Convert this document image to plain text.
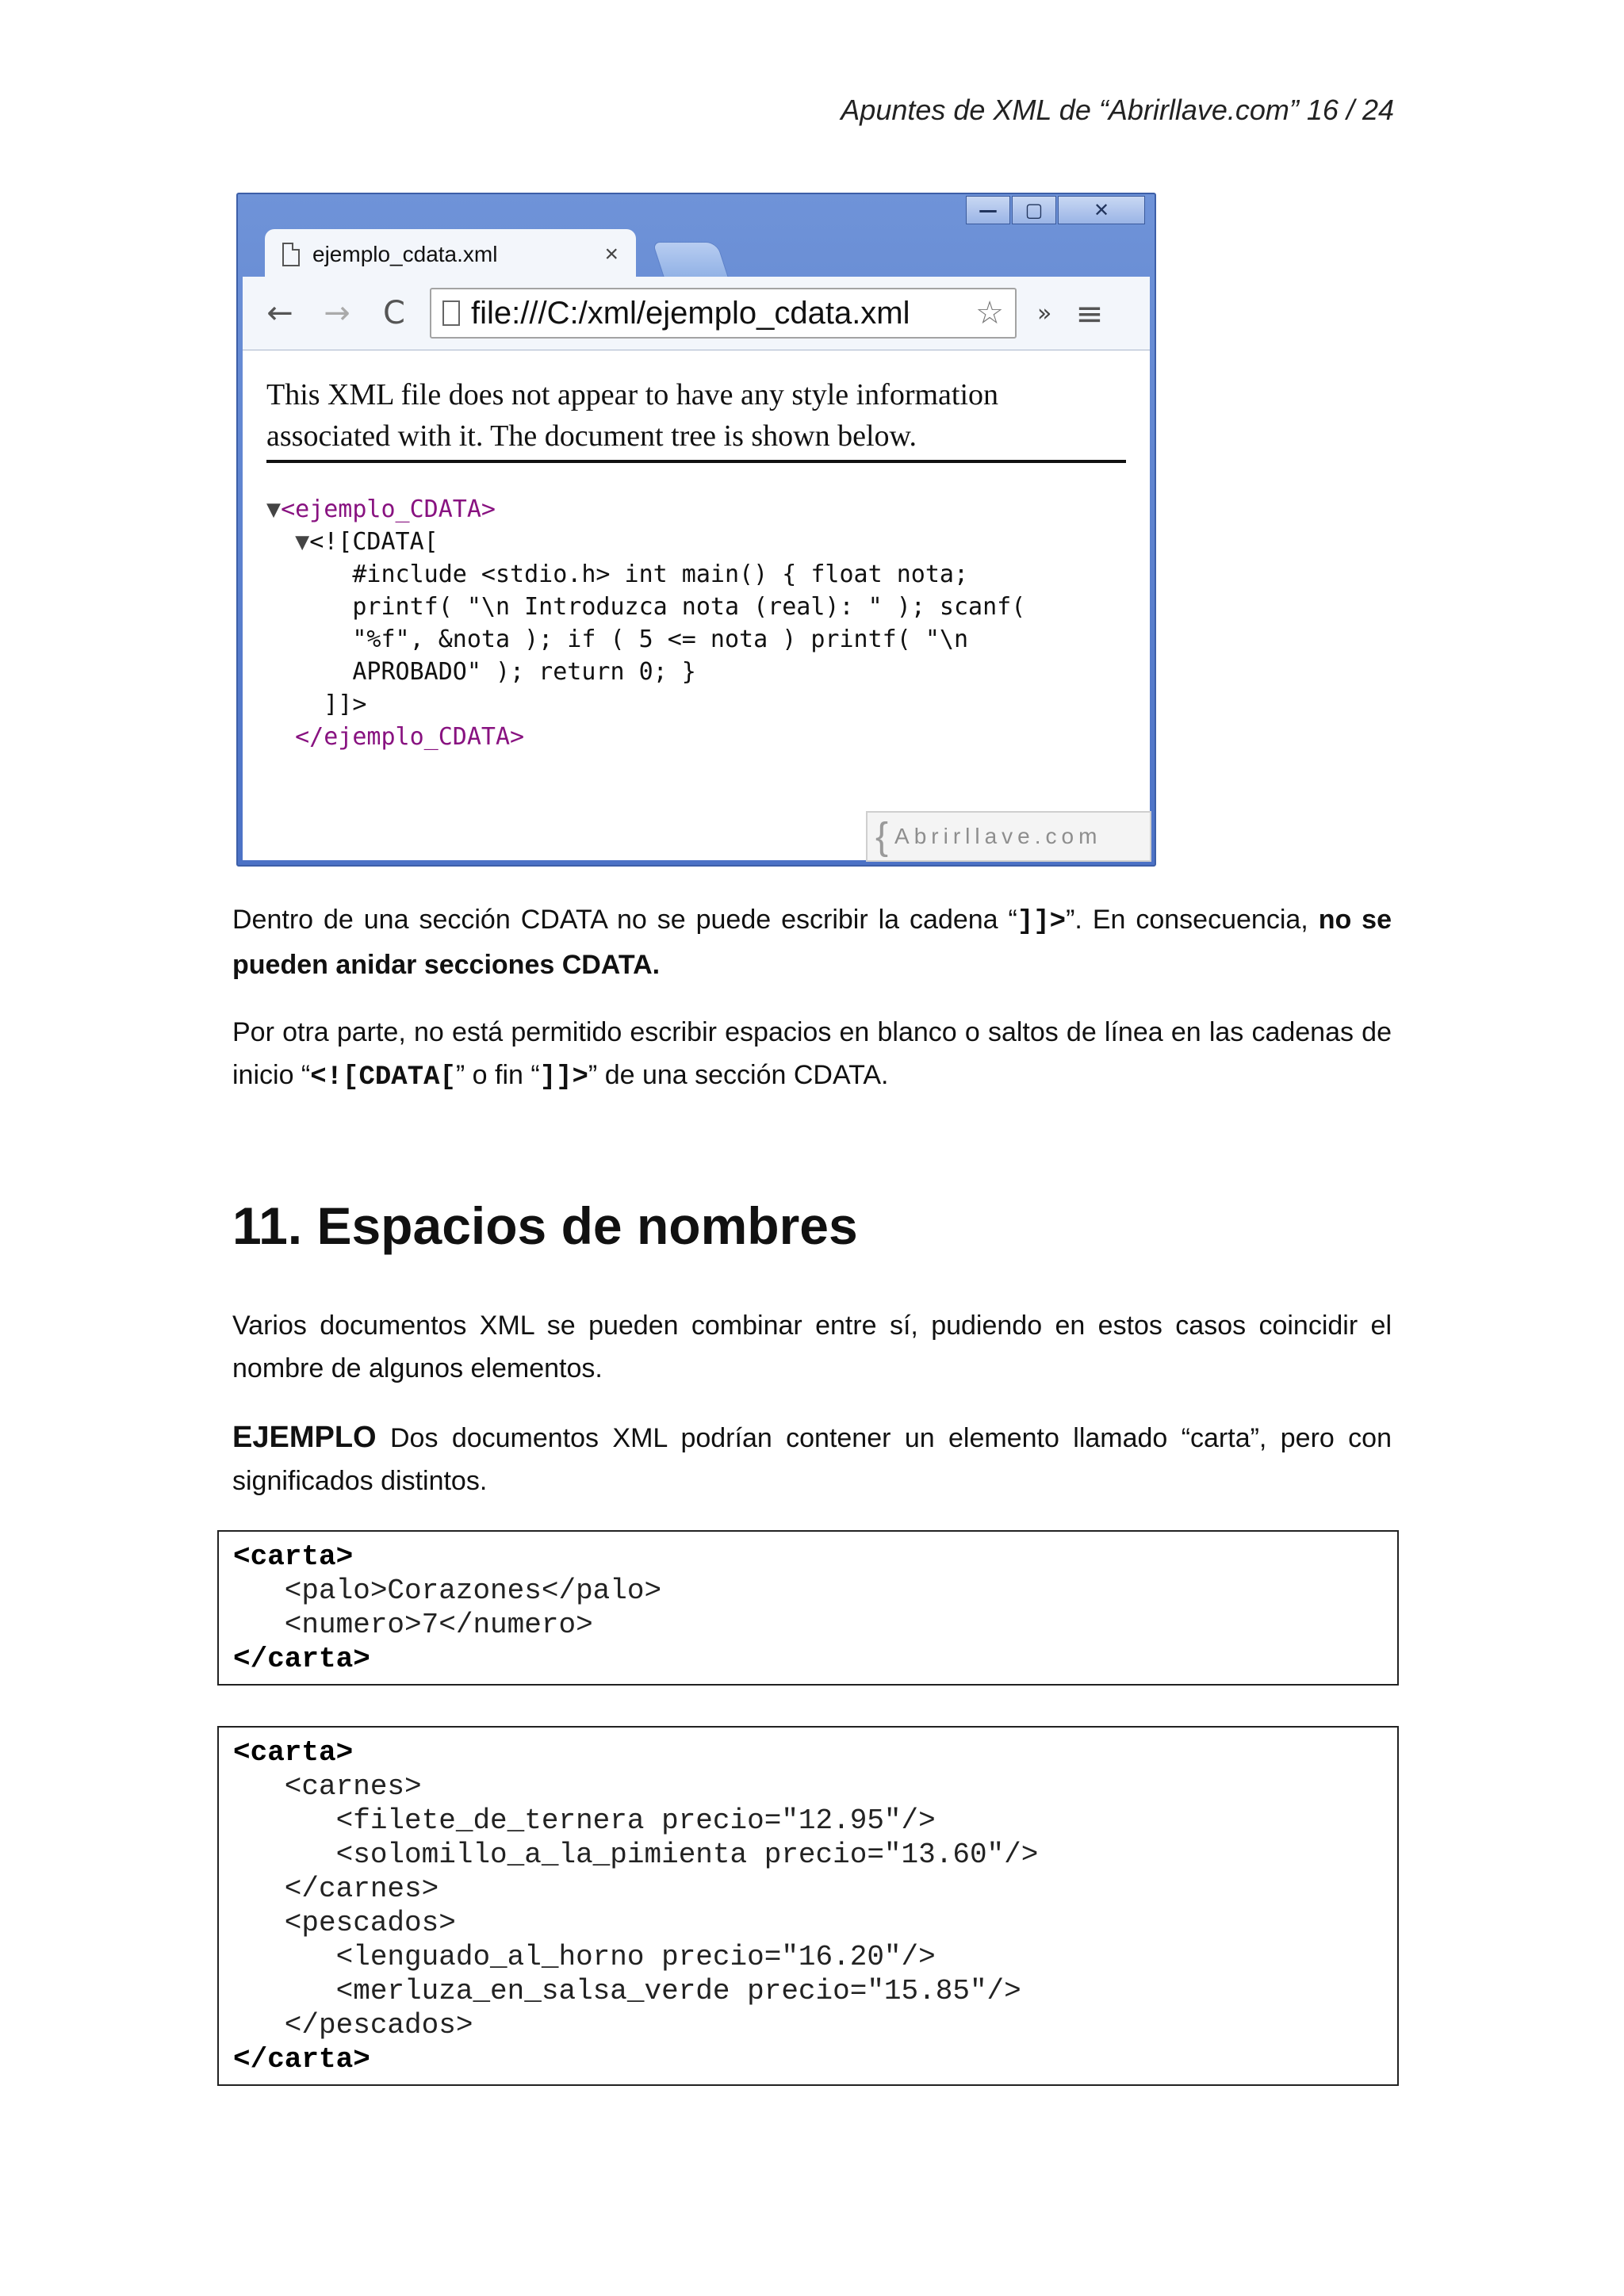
Apuntes de XML de “Abrirllave.com” 16 / 24
—	▢	✕
ejemplo_cdata.xml	×
← → C file:///C:/xml/ejemplo_cdata.xml	☆ » ≡
This XML file does not appear to have any style information associated with it. The document tree is shown below.
▼<ejemplo_CDATA>
▼<![CDATA[
#include <stdio.h> int main() { float nota;
printf( "\n Introduzca nota (real): " ); scanf(
"%f", &nota ); if ( 5 <= nota ) printf( "\n
APROBADO" ); return 0; }
]]>
</ejemplo_CDATA>
{ Abrirllave.com
Dentro de una sección CDATA no se puede escribir la cadena “]]>”. En consecuencia, no se pueden anidar secciones CDATA.
Por otra parte, no está permitido escribir espacios en blanco o saltos de línea en las cadenas de inicio “<![CDATA[” o fin “]]>” de una sección CDATA.
11. Espacios de nombres
Varios documentos XML se pueden combinar entre sí, pudiendo en estos casos coincidir el nombre de algunos elementos.
EJEMPLO Dos documentos XML podrían contener un elemento llamado “carta”, pero con significados distintos.
<carta>
<palo>Corazones</palo>
<numero>7</numero>
</carta>
<carta>
<carnes>
<filete_de_ternera precio="12.95"/>
<solomillo_a_la_pimienta precio="13.60"/>
</carnes>
<pescados>
<lenguado_al_horno precio="16.20"/>
<merluza_en_salsa_verde precio="15.85"/>
</pescados>
</carta>
